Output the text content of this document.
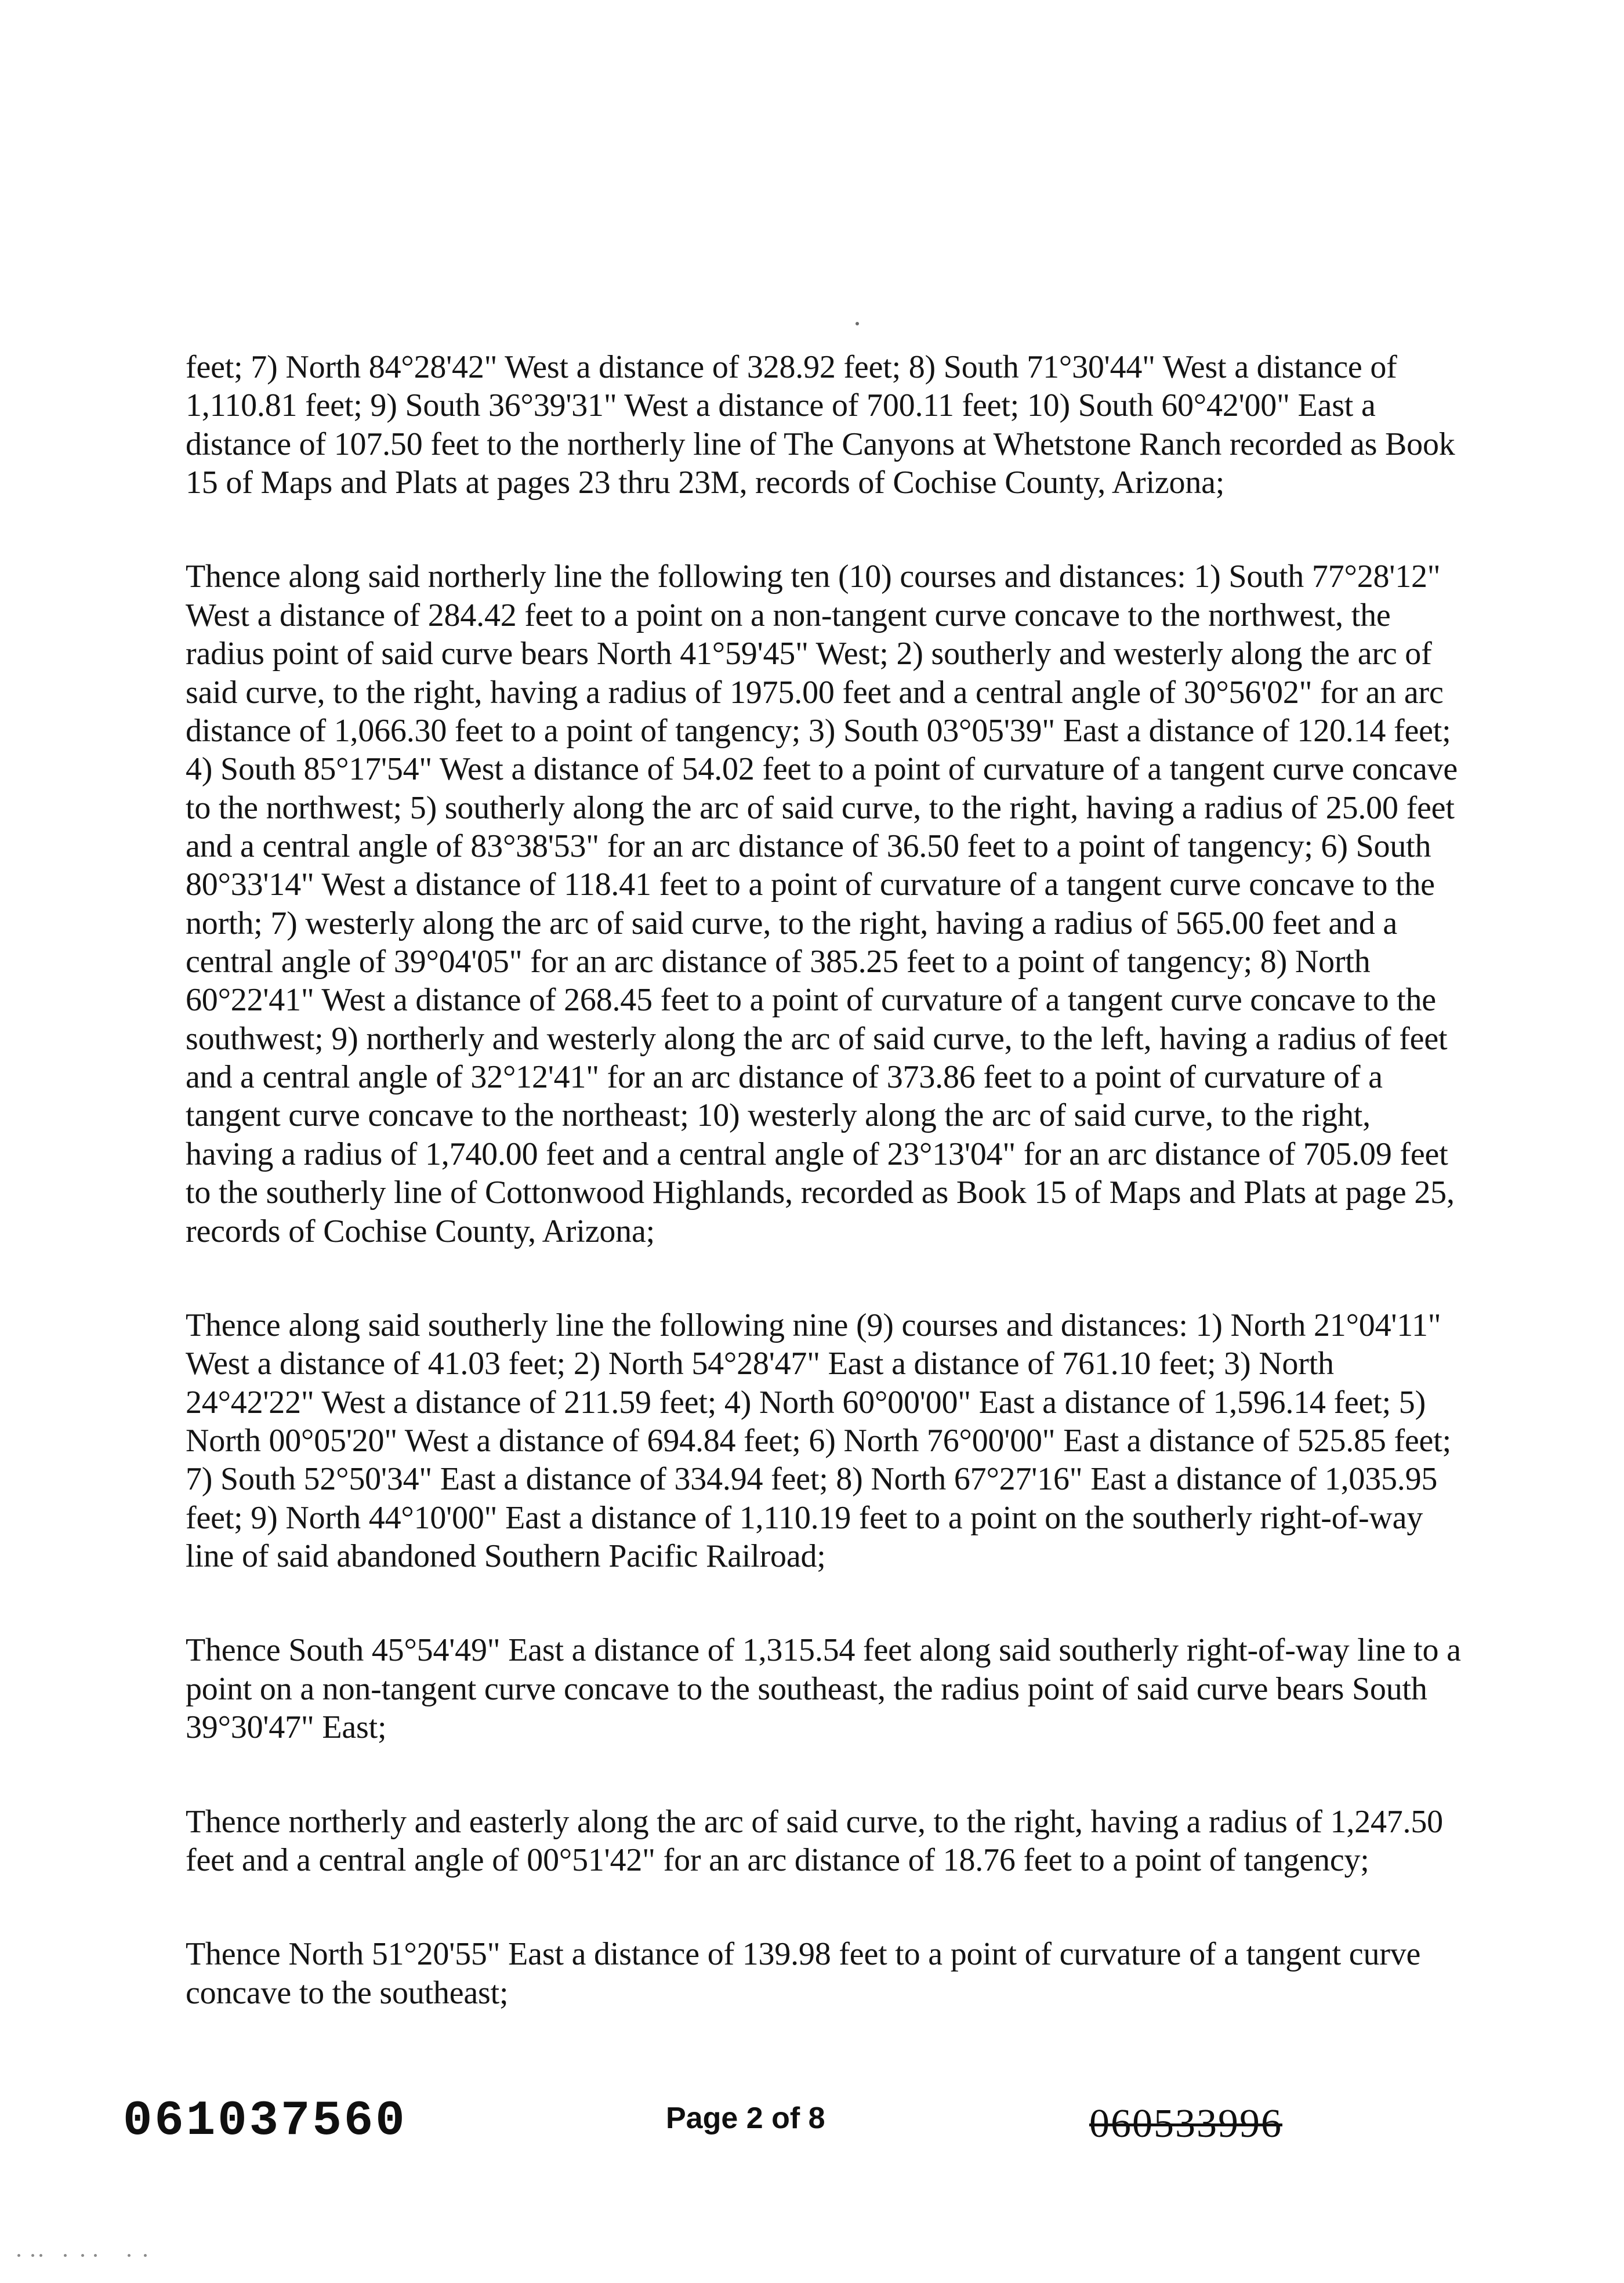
feet; 7) North 84°28'42" West a distance of 328.92 feet; 8) South 71°30'44" West a distance of 1,110.81 feet; 9) South 36°39'31" West a distance of 700.11 feet; 10) South 60°42'00" East a distance of 107.50 feet to the northerly line of The Canyons at Whetstone Ranch recorded as Book 15 of Maps and Plats at pages 23 thru 23M, records of Cochise County, Arizona;

Thence along said northerly line the following ten (10) courses and distances: 1) South 77°28'12" West a distance of 284.42 feet to a point on a non-tangent curve concave to the northwest, the radius point of said curve bears North 41°59'45" West; 2) southerly and westerly along the arc of said curve, to the right, having a radius of 1975.00 feet and a central angle of 30°56'02" for an arc distance of 1,066.30 feet to a point of tangency; 3) South 03°05'39" East a distance of 120.14 feet; 4) South 85°17'54" West a distance of 54.02 feet to a point of curvature of a tangent curve concave to the northwest; 5) southerly along the arc of said curve, to the right, having a radius of 25.00 feet and a central angle of 83°38'53" for an arc distance of 36.50 feet to a point of tangency; 6) South 80°33'14" West a distance of 118.41 feet to a point of curvature of a tangent curve concave to the north; 7) westerly along the arc of said curve, to the right, having a radius of 565.00 feet and a central angle of 39°04'05" for an arc distance of 385.25 feet to a point of tangency; 8) North 60°22'41" West a distance of 268.45 feet to a point of curvature of a tangent curve concave to the southwest; 9) northerly and westerly along the arc of said curve, to the left, having a radius of feet and a central angle of 32°12'41" for an arc distance of 373.86 feet to a point of curvature of a tangent curve concave to the northeast; 10) westerly along the arc of said curve, to the right, having a radius of 1,740.00 feet and a central angle of 23°13'04" for an arc distance of 705.09 feet to the southerly line of Cottonwood Highlands, recorded as Book 15 of Maps and Plats at page 25, records of Cochise County, Arizona;

Thence along said southerly line the following nine (9) courses and distances: 1) North 21°04'11" West a distance of 41.03 feet; 2) North 54°28'47" East a distance of 761.10 feet; 3) North 24°42'22" West a distance of 211.59 feet; 4) North 60°00'00" East a distance of 1,596.14 feet; 5) North 00°05'20" West a distance of 694.84 feet; 6) North 76°00'00" East a distance of 525.85 feet; 7) South 52°50'34" East a distance of 334.94 feet; 8) North 67°27'16" East a distance of 1,035.95 feet; 9) North 44°10'00" East a distance of 1,110.19 feet to a point on the southerly right-of-way line of said abandoned Southern Pacific Railroad;

Thence South 45°54'49" East a distance of 1,315.54 feet along said southerly right-of-way line to a point on a non-tangent curve concave to the southeast, the radius point of said curve bears South 39°30'47" East;

Thence northerly and easterly along the arc of said curve, to the right, having a radius of 1,247.50 feet and a central angle of 00°51'42" for an arc distance of 18.76 feet to a point of tangency;

Thence North 51°20'55" East a distance of 139.98 feet to a point of curvature of a tangent curve concave to the southeast;

061037560	Page 2 of 8	060533996
